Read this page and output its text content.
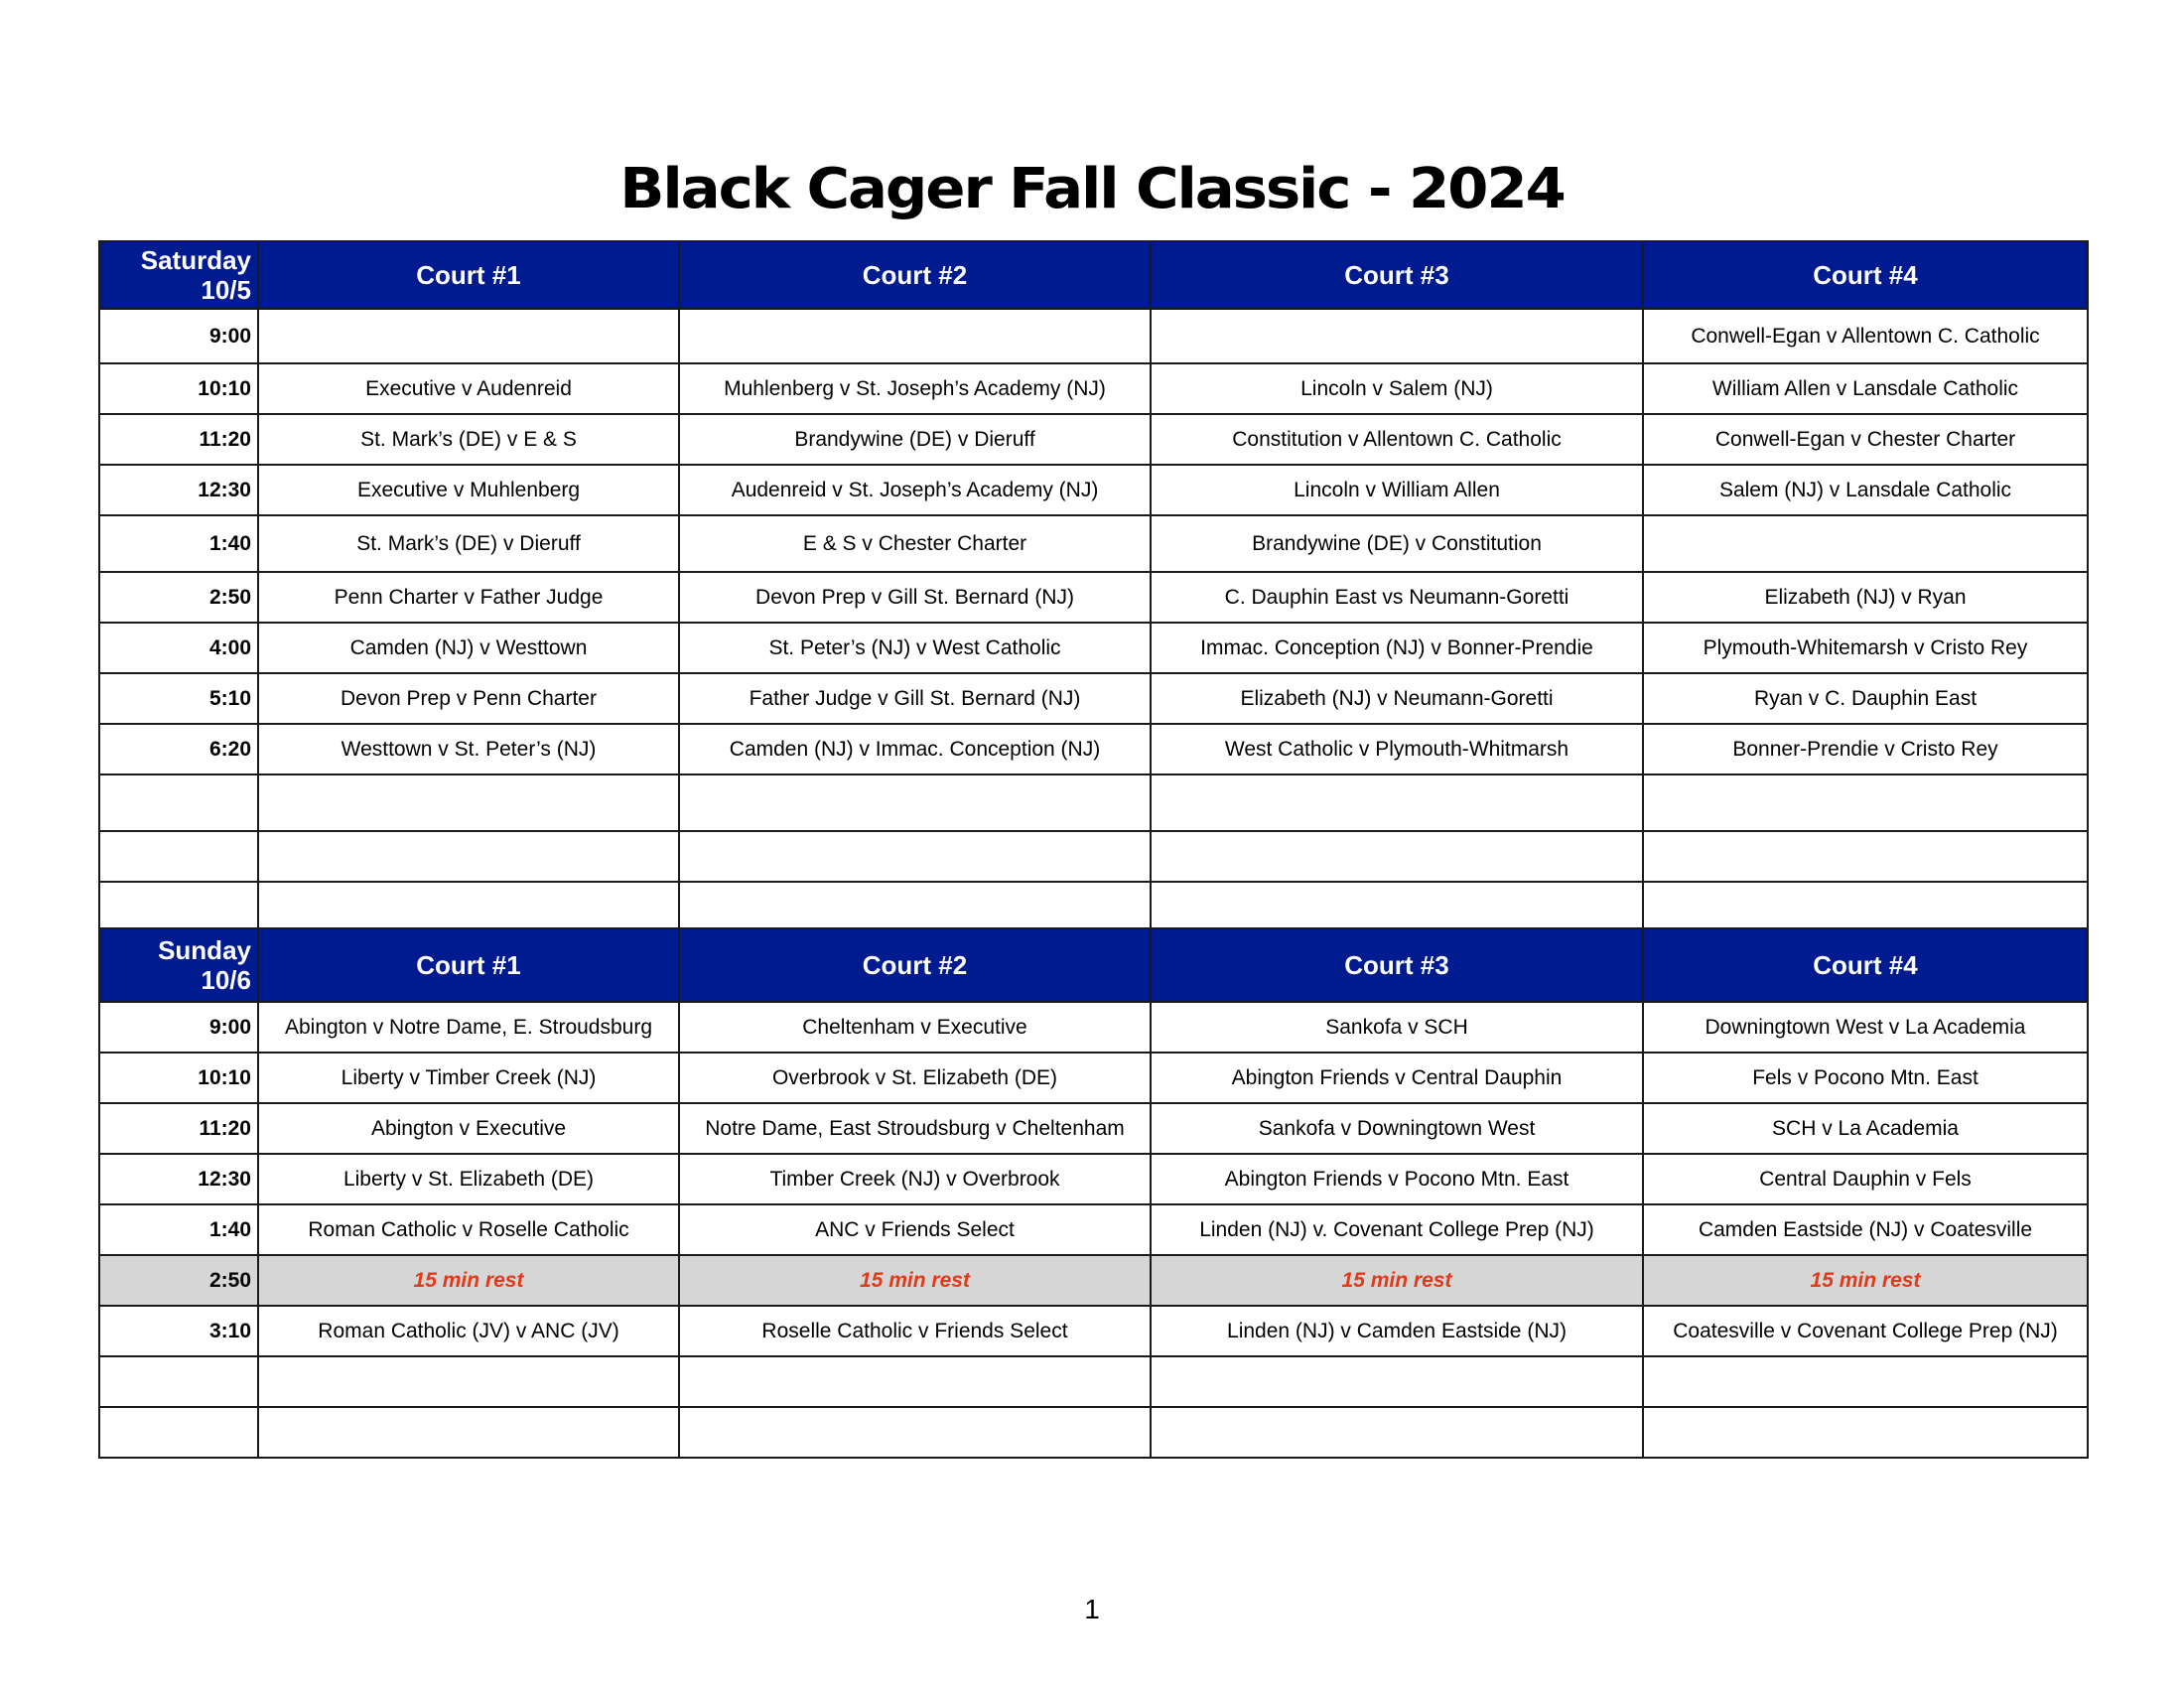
Black Cager Fall Classic - 2024
Saturday
10/5	Court #1	Court #2	Court #3	Court #4
9:00				Conwell-Egan v Allentown C. Catholic
10:10	Executive v Audenreid	Muhlenberg v St. Joseph’s Academy (NJ)	Lincoln v Salem (NJ)	William Allen v Lansdale Catholic
11:20	St. Mark’s (DE) v E & S	Brandywine (DE) v Dieruff	Constitution v Allentown C. Catholic	Conwell-Egan v Chester Charter
12:30	Executive v Muhlenberg	Audenreid v St. Joseph’s Academy (NJ)	Lincoln v William Allen	Salem (NJ) v Lansdale Catholic
1:40	St. Mark’s (DE) v Dieruff	E & S v Chester Charter	Brandywine (DE) v Constitution	
2:50	Penn Charter v Father Judge	Devon Prep v Gill St. Bernard (NJ)	C. Dauphin East vs Neumann-Goretti	Elizabeth (NJ) v Ryan
4:00	Camden (NJ) v Westtown	St. Peter’s (NJ) v West Catholic	Immac. Conception (NJ) v Bonner-Prendie	Plymouth-Whitemarsh v Cristo Rey
5:10	Devon Prep v Penn Charter	Father Judge v Gill St. Bernard (NJ)	Elizabeth (NJ) v Neumann-Goretti	Ryan v C. Dauphin East
6:20	Westtown v St. Peter’s (NJ)	Camden (NJ) v Immac. Conception (NJ)	West Catholic v Plymouth-Whitmarsh	Bonner-Prendie v Cristo Rey

Sunday
10/6	Court #1	Court #2	Court #3	Court #4
9:00	Abington v Notre Dame, E. Stroudsburg	Cheltenham v Executive	Sankofa v SCH	Downingtown West v La Academia
10:10	Liberty v Timber Creek (NJ)	Overbrook v St. Elizabeth (DE)	Abington Friends v Central Dauphin	Fels v Pocono Mtn. East
11:20	Abington v Executive	Notre Dame, East Stroudsburg v Cheltenham	Sankofa v Downingtown West	SCH v La Academia
12:30	Liberty v St. Elizabeth (DE)	Timber Creek (NJ) v Overbrook	Abington Friends v Pocono Mtn. East	Central Dauphin v Fels
1:40	Roman Catholic v Roselle Catholic	ANC v Friends Select	Linden (NJ) v. Covenant College Prep (NJ)	Camden Eastside (NJ) v Coatesville
2:50	15 min rest	15 min rest	15 min rest	15 min rest
3:10	Roman Catholic (JV) v ANC (JV)	Roselle Catholic v Friends Select	Linden (NJ) v Camden Eastside (NJ)	Coatesville v Covenant College Prep (NJ)

1
